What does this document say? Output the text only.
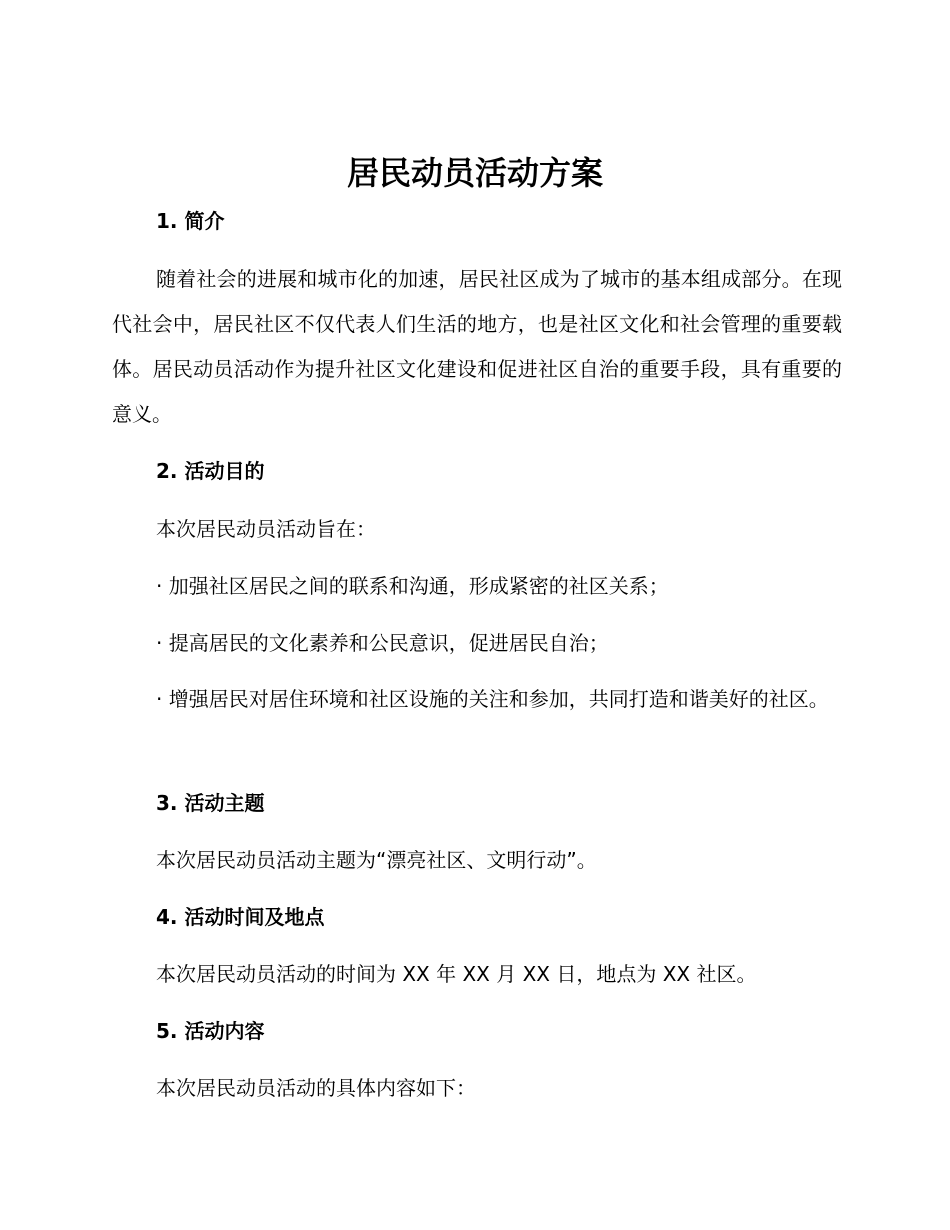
居民动员活动方案
1. 简介

随着社会的进展和城市化的加速，居民社区成为了城市的基本组成部分。在现代社会中，居民社区不仅代表人们生活的地方，也是社区文化和社会管理的重要载体。居民动员活动作为提升社区文化建设和促进社区自治的重要手段，具有重要的意义。

2. 活动目的

本次居民动员活动旨在：

· 加强社区居民之间的联系和沟通，形成紧密的社区关系；

· 提高居民的文化素养和公民意识，促进居民自治；

· 增强居民对居住环境和社区设施的关注和参加，共同打造和谐美好的社区。

3. 活动主题

本次居民动员活动主题为“漂亮社区、文明行动”。

4. 活动时间及地点

本次居民动员活动的时间为 XX 年 XX 月 XX 日，地点为 XX 社区。

5. 活动内容

本次居民动员活动的具体内容如下：
